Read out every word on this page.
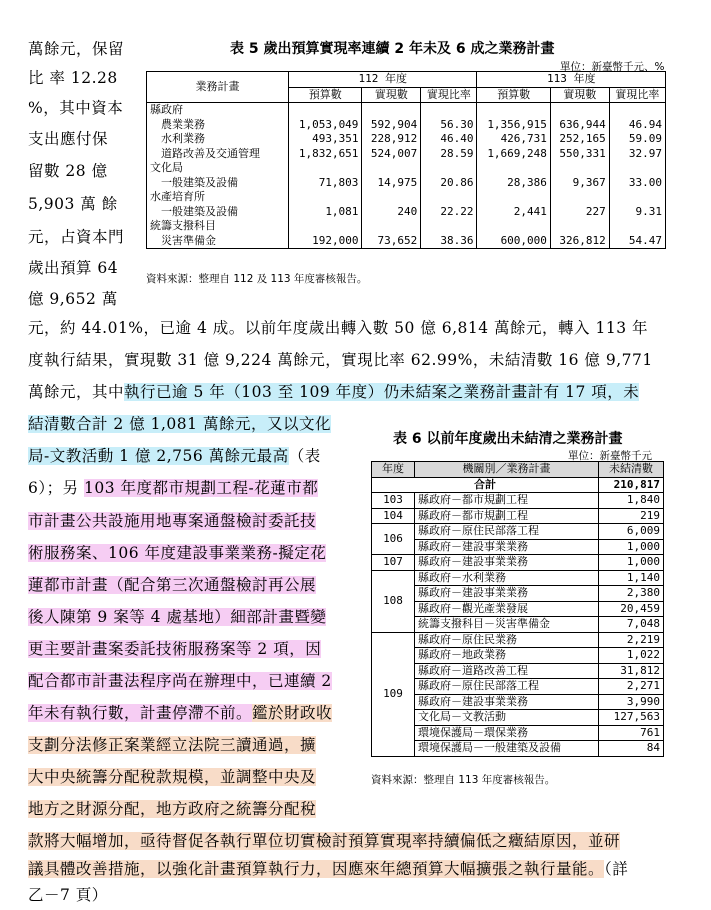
萬餘元，保留
比 率 12.28
%，其中資本
支出應付保
留數 28 億
5,903 萬 餘
元，占資本門
歲出預算 64
億 9,652 萬
表 5 歲出預算實現率連續 2 年未及 6 成之業務計畫
單位：新臺幣千元、%
業務計畫	112 年度			113 年度		
	預算數	實現數	實現比率	預算數	實現數	實現比率
縣政府						
農業業務	1,053,049	592,904	56.30	1,356,915	636,944	46.94
水利業務	493,351	228,912	46.40	426,731	252,165	59.09
道路改善及交通管理	1,832,651	524,007	28.59	1,669,248	550,331	32.97
文化局						
一般建築及設備	71,803	14,975	20.86	28,386	9,367	33.00
水產培育所						
一般建築及設備	1,081	240	22.22	2,441	227	9.31
統籌支撥科目						
災害準備金	192,000	73,652	38.36	600,000	326,812	54.47
資料來源：整理自 112 及 113 年度審核報告。
元，約 44.01%，已逾 4 成。以前年度歲出轉入數 50 億 6,814 萬餘元，轉入 113 年
度執行結果，實現數 31 億 9,224 萬餘元，實現比率 62.99%，未結清數 16 億 9,771
萬餘元，其中執行已逾 5 年（103 至 109 年度）仍未結案之業務計畫計有 17 項，未
結清數合計 2 億 1,081 萬餘元，又以文化
局-文教活動 1 億 2,756 萬餘元最高（表
6）；另 103 年度都市規劃工程-花蓮市都
市計畫公共設施用地專案通盤檢討委託技
術服務案、106 年度建設事業業務-擬定花
蓮都市計畫（配合第三次通盤檢討再公展
後人陳第 9 案等 4 處基地）細部計畫暨變
更主要計畫案委託技術服務案等 2 項，因
配合都市計畫法程序尚在辦理中，已連續 2
年未有執行數，計畫停滯不前。鑑於財政收
支劃分法修正案業經立法院三讀通過，擴
大中央統籌分配稅款規模，並調整中央及
地方之財源分配，地方政府之統籌分配稅
表 6 以前年度歲出未結清之業務計畫
單位：新臺幣千元
年度	機關別／業務計畫	未結清數
合計		210,817
103	縣政府－都市規劃工程	1,840
104	縣政府－都市規劃工程	219
106	縣政府－原住民部落工程	6,009
	縣政府－建設事業業務	1,000
107	縣政府－建設事業業務	1,000
108	縣政府－水利業務	1,140
	縣政府－建設事業業務	2,380
	縣政府－觀光產業發展	20,459
	統籌支撥科目－災害準備金	7,048
109	縣政府－原住民業務	2,219
	縣政府－地政業務	1,022
	縣政府－道路改善工程	31,812
	縣政府－原住民部落工程	2,271
	縣政府－建設事業業務	3,990
	文化局－文教活動	127,563
	環境保護局－環保業務	761
	環境保護局－一般建築及設備	84
資料來源：整理自 113 年度審核報告。
款將大幅增加，亟待督促各執行單位切實檢討預算實現率持續偏低之癥結原因，並研
議具體改善措施，以強化計畫預算執行力，因應來年總預算大幅擴張之執行量能。（詳
乙－7 頁）
